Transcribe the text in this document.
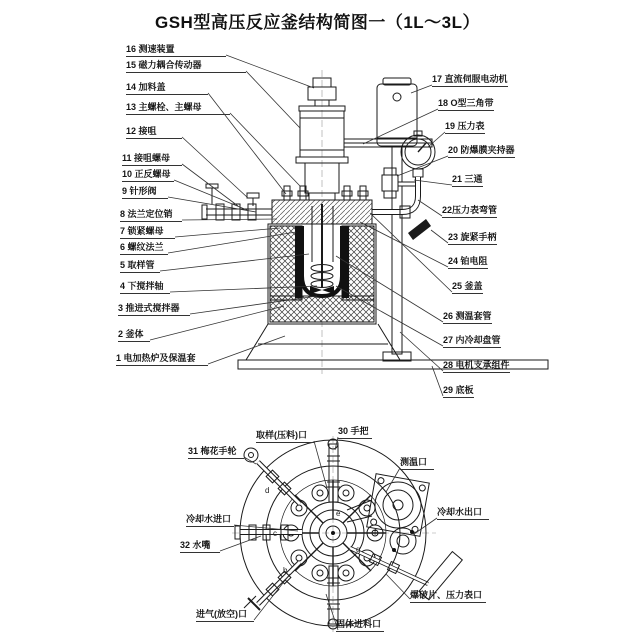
GSH型高压反应釜结构简图一（1L～3L）
16 测速装置
15 磁力耦合传动器
14 加料盖
13 主螺栓、主螺母
12 接咀
11 接咀螺母
10 正反螺母
9 针形阀
8 法兰定位销
7 锁紧螺母
6 螺纹法兰
5 取样管
4 下搅拌轴
3 推进式搅拌器
2 釜体
1 电加热炉及保温套
17 直流伺服电动机
18 O型三角带
19 压力表
20 防爆膜夹持器
21 三通
22压力表弯管
23 旋紧手柄
24 铂电阻
25 釜盖
26 测温套管
27 内冷却盘管
28 电机支承组件
29 底板
31 梅花手轮
取样(压料)口	30 手把
测温口
冷却水出口
爆破片、压力表口
固体进料口
进气(放空)口
冷却水进口
32 水嘴
d
c
b
e
f
g
